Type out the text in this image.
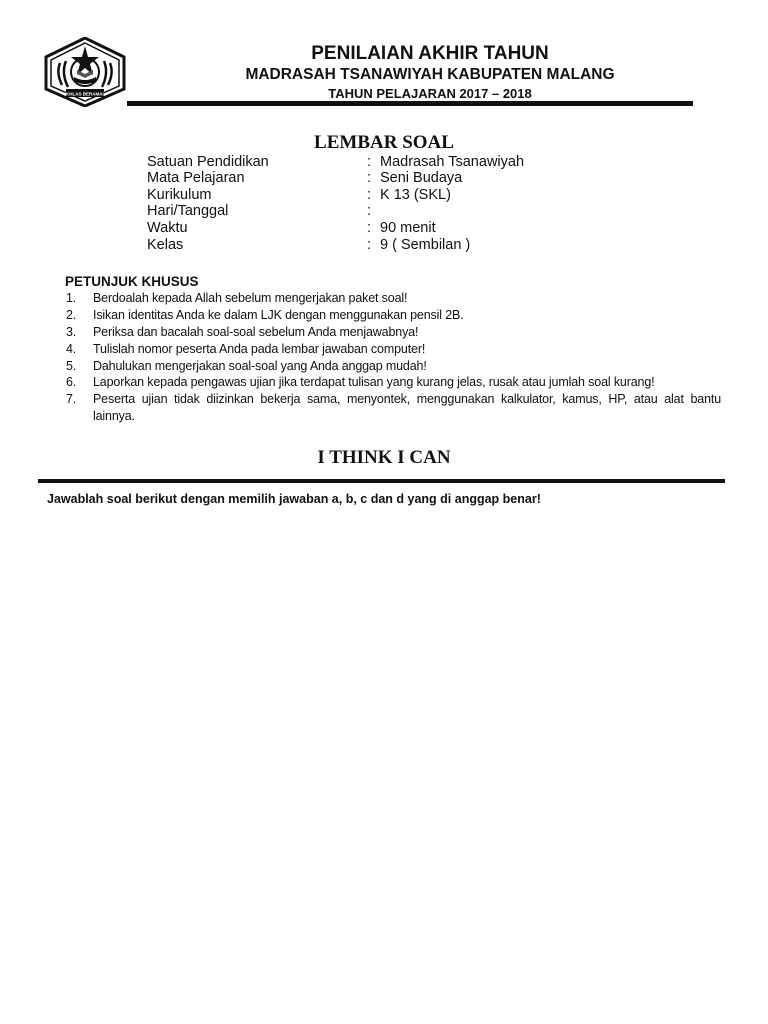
IKHLAS BERAMAL
PENILAIAN AKHIR TAHUN
MADRASAH TSANAWIYAH KABUPATEN MALANG
TAHUN PELAJARAN 2017 – 2018
LEMBAR SOAL
Satuan Pendidikan	: Madrasah Tsanawiyah
Mata Pelajaran	: Seni Budaya
Kurikulum	: K 13 (SKL)
Hari/Tanggal	:
Waktu	: 90 menit
Kelas	: 9 ( Sembilan )
PETUNJUK KHUSUS
1.	Berdoalah kepada Allah sebelum mengerjakan paket soal!
2.	Isikan identitas Anda ke dalam LJK dengan menggunakan pensil 2B.
3.	Periksa dan bacalah soal-soal sebelum Anda menjawabnya!
4.	Tulislah nomor peserta Anda pada lembar jawaban computer!
5.	Dahulukan mengerjakan soal-soal yang Anda anggap mudah!
6.	Laporkan kepada pengawas ujian jika terdapat tulisan yang kurang jelas, rusak atau jumlah soal kurang!
7.	Peserta ujian tidak diizinkan bekerja sama, menyontek, menggunakan kalkulator, kamus, HP, atau alat bantu lainnya.
I THINK I CAN
Jawablah soal berikut dengan memilih jawaban a, b, c dan d yang di anggap benar!
